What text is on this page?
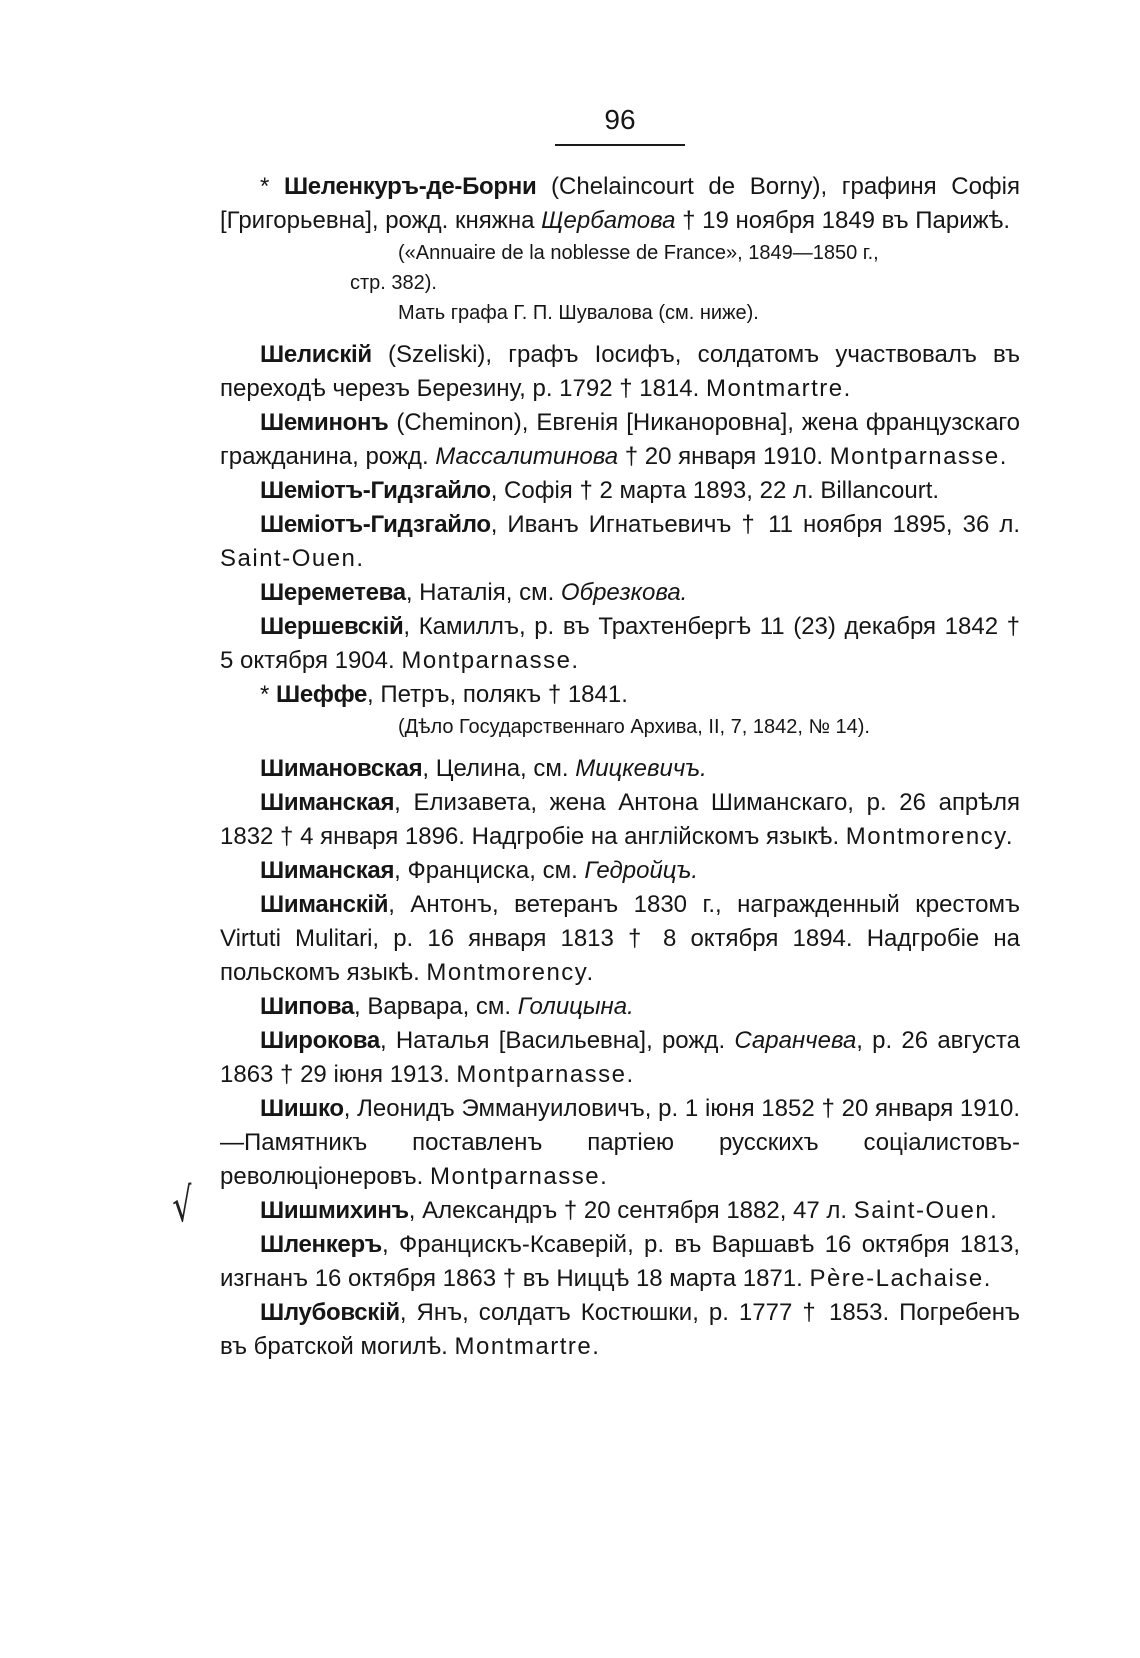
96
√

* Шеленкуръ-де-Борни (Chelaincourt de Borny), графиня Софія [Григорьевна], рожд. княжна Щербатова † 19 ноября 1849 въ Парижѣ.

(«Annuaire de la noblesse de France», 1849—1850 г.,

стр. 382).

Мать графа Г. П. Шувалова (см. ниже).

Шелискій (Szeliski), графъ Іосифъ, солдатомъ участвовалъ въ переходѣ черезъ Березину, р. 1792 † 1814. Montmartre.

Шеминонъ (Cheminon), Евгенія [Никаноровна], жена французскаго гражданина, рожд. Массалитинова † 20 января 1910. Montparnasse.

Шеміотъ-Гидзгайло, Софія † 2 марта 1893, 22 л. Billancourt.

Шеміотъ-Гидзгайло, Иванъ Игнатьевичъ † 11 ноября 1895, 36 л. Saint-Ouen.

Шереметева, Наталія, см. Обрезкова.

Шершевскій, Камиллъ, р. въ Трахтенбергѣ 11 (23) декабря 1842 † 5 октября 1904. Montparnasse.

* Шеффе, Петръ, полякъ † 1841.

(Дѣло Государственнаго Архива, II, 7, 1842, № 14).

Шимановская, Целина, см. Мицкевичъ.

Шиманская, Елизавета, жена Антона Шиманскаго, р. 26 апрѣля 1832 † 4 января 1896. Надгробіе на англійскомъ языкѣ. Montmorency.

Шиманская, Франциска, см. Гедройцъ.

Шиманскій, Антонъ, ветеранъ 1830 г., награжденный крестомъ Virtuti Mulitari, р. 16 января 1813 † 8 октября 1894. Надгробіе на польскомъ языкѣ. Montmorency.

Шипова, Варвара, см. Голицына.

Широкова, Наталья [Васильевна], рожд. Саранчева, р. 26 августа 1863 † 29 іюня 1913. Montparnasse.

Шишко, Леонидъ Эммануиловичъ, р. 1 іюня 1852 † 20 января 1910.—Памятникъ поставленъ партіею русскихъ соціалистовъ-революціонеровъ. Montparnasse.

Шишмихинъ, Александръ † 20 сентября 1882, 47 л. Saint-Ouen.

Шленкеръ, Францискъ-Ксаверій, р. въ Варшавѣ 16 октября 1813, изгнанъ 16 октября 1863 † въ Ниццѣ 18 марта 1871. Père-Lachaise.

Шлубовскій, Янъ, солдатъ Костюшки, р. 1777 † 1853. Погребенъ въ братской могилѣ. Montmartre.
